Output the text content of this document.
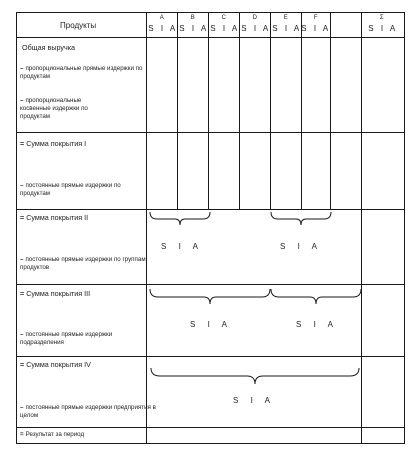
Продукты
A
S I A
B
S I A
C
S I A
D
S I A
E
S I A
F
S I A
Σ
S I A
Общая выручка
– пропорциональные прямые издержки по продуктам
– пропорциональные косвенные издержки по продуктам
= Сумма покрытия I
– постоянные прямые издержки по продуктам
= Сумма покрытия II
– постоянные прямые издержки по группам продуктов
= Сумма покрытия III
– постоянные прямые издержки подразделения
= Сумма покрытия IV
– постоянные прямые издержки предприятия в целом
= Результат за период
S I A	S I A
S I A	S I A
S I A
